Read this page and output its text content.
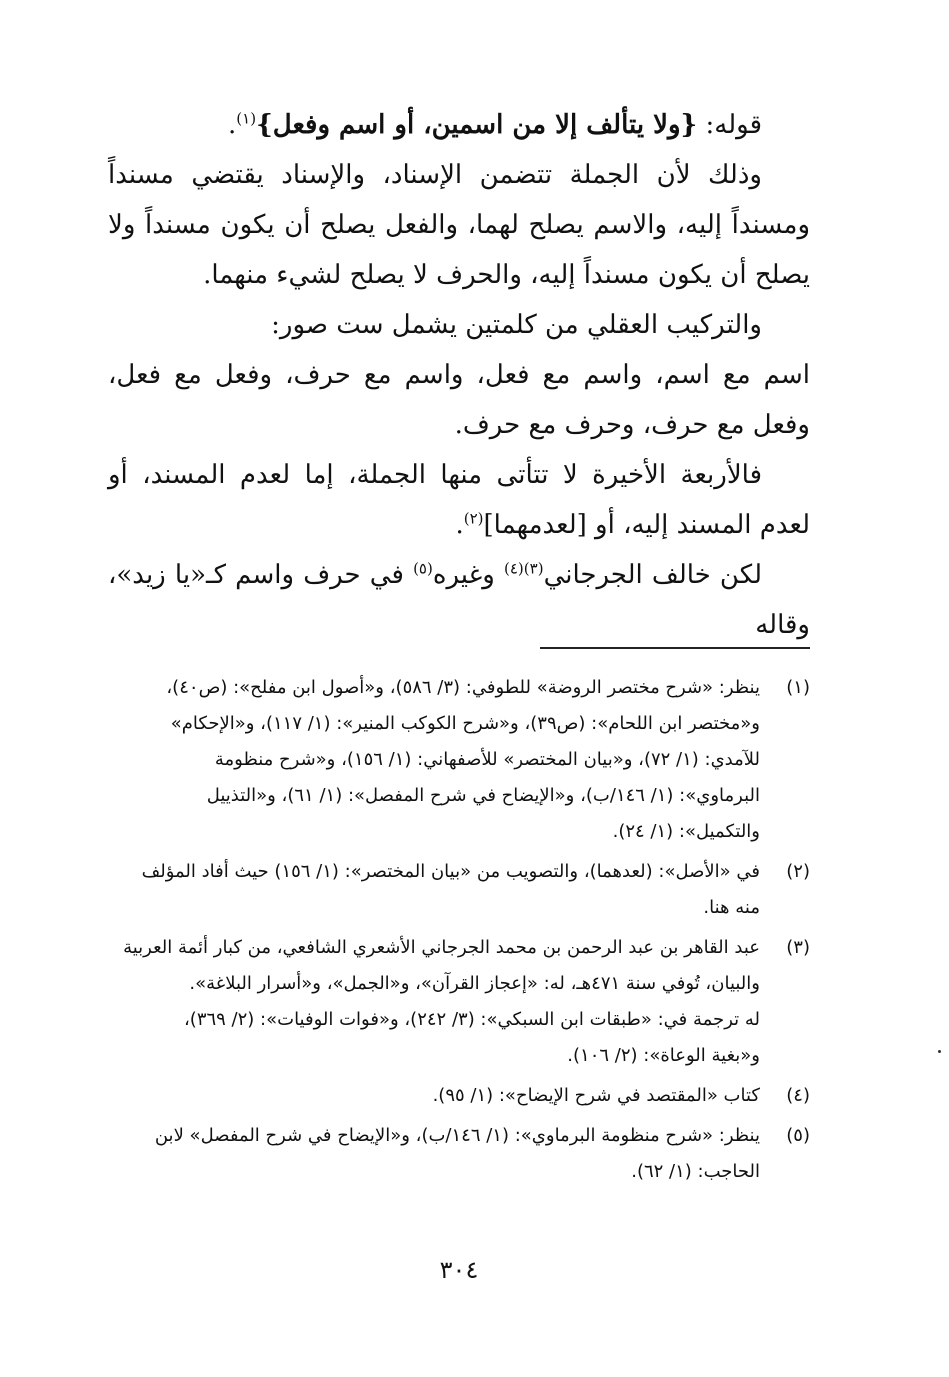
قوله: {ولا يتألف إلا من اسمين، أو اسم وفعل}$^{(١)}$.

وذلك لأن الجملة تتضمن الإسناد، والإسناد يقتضي مسنداً ومسنداً إليه، والاسم يصلح لهما، والفعل يصلح أن يكون مسنداً ولا يصلح أن يكون مسنداً إليه، والحرف لا يصلح لشيء منهما.

والتركيب العقلي من كلمتين يشمل ست صور:

اسم مع اسم، واسم مع فعل، واسم مع حرف، وفعل مع فعل، وفعل مع حرف، وحرف مع حرف.

فالأربعة الأخيرة لا تتأتى منها الجملة، إما لعدم المسند، أو لعدم المسند إليه، أو [لعدمهما]$^{(٢)}$.

لكن خالف الجرجاني$^{(٣)(٤)}$ وغيره$^{(٥)}$ في حرف واسم كـ«يا زيد»، وقاله

(١)
ينظر: «شرح مختصر الروضة» للطوفي: (٣/ ٥٨٦)، و«أصول ابن مفلح»: (ص٤٠)،
و«مختصر ابن اللحام»: (ص٣٩)، و«شرح الكوكب المنير»: (١/ ١١٧)، و«الإحكام»
للآمدي: (١/ ٧٢)، و«بيان المختصر» للأصفهاني: (١/ ١٥٦)، و«شرح منظومة
البرماوي»: (١/ ١٤٦/ب)، و«الإيضاح في شرح المفصل»: (١/ ٦١)، و«التذييل
والتكميل»: (١/ ٢٤).
(٢)
في «الأصل»: (لعدهما)، والتصويب من «بيان المختصر»: (١/ ١٥٦) حيث أفاد المؤلف
منه هنا.
(٣)
عبد القاهر بن عبد الرحمن بن محمد الجرجاني الأشعري الشافعي، من كبار أئمة العربية
والبيان، تُوفي سنة ٤٧١هـ، له: «إعجاز القرآن»، و«الجمل»، و«أسرار البلاغة».
له ترجمة في: «طبقات ابن السبكي»: (٣/ ٢٤٢)، و«فوات الوفيات»: (٢/ ٣٦٩)،
و«بغية الوعاة»: (٢/ ١٠٦).
(٤)
كتاب «المقتصد في شرح الإيضاح»: (١/ ٩٥).
(٥)
ينظر: «شرح منظومة البرماوي»: (١/ ١٤٦/ب)، و«الإيضاح في شرح المفصل» لابن
الحاجب: (١/ ٦٢).
٣٠٤
